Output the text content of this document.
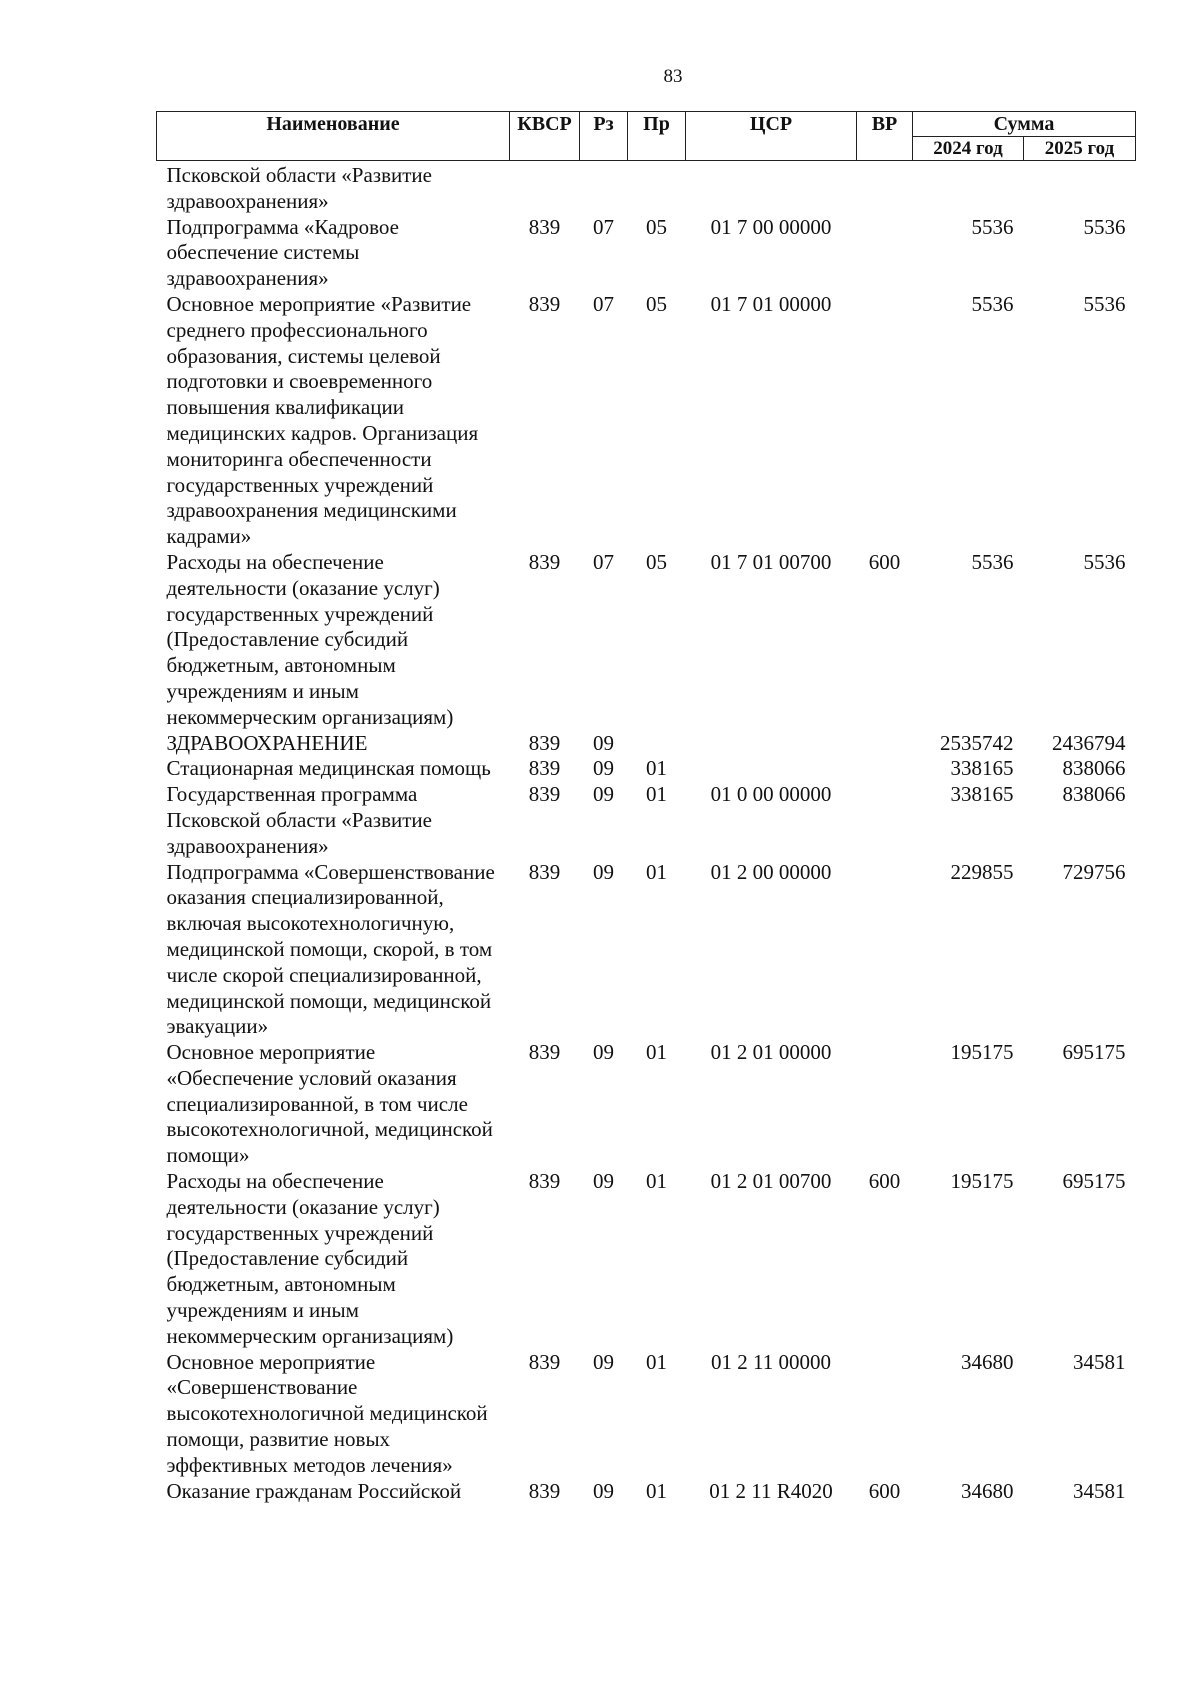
83
Наименование	КВСР	Рз	Пр	ЦСР	ВР	Сумма	
						2024 год	2025 год
Псковской области «Развитие здравоохранения»							
Подпрограмма «Кадровое обеспечение системы здравоохранения»	839	07	05	01 7 00 00000		5536	5536
Основное мероприятие «Развитие среднего профессионального образования, системы целевой подготовки и своевременного повышения квалификации медицинских кадров. Организация мониторинга обеспеченности государственных учреждений здравоохранения медицинскими кадрами»	839	07	05	01 7 01 00000		5536	5536
Расходы на обеспечение деятельности (оказание услуг) государственных учреждений (Предоставление субсидий бюджетным, автономным учреждениям и иным некоммерческим организациям)	839	07	05	01 7 01 00700	600	5536	5536
ЗДРАВООХРАНЕНИЕ	839	09				2535742	2436794
Стационарная медицинская помощь	839	09	01			338165	838066
Государственная программа Псковской области «Развитие здравоохранения»	839	09	01	01 0 00 00000		338165	838066
Подпрограмма «Совершенствование оказания специализированной, включая высокотехнологичную, медицинской помощи, скорой, в том числе скорой специализированной, медицинской помощи, медицинской эвакуации»	839	09	01	01 2 00 00000		229855	729756
Основное мероприятие «Обеспечение условий оказания специализированной, в том числе высокотехнологичной, медицинской помощи»	839	09	01	01 2 01 00000		195175	695175
Расходы на обеспечение деятельности (оказание услуг) государственных учреждений (Предоставление субсидий бюджетным, автономным учреждениям и иным некоммерческим организациям)	839	09	01	01 2 01 00700	600	195175	695175
Основное мероприятие «Совершенствование высокотехнологичной медицинской помощи, развитие новых эффективных методов лечения»	839	09	01	01 2 11 00000		34680	34581
Оказание гражданам Российской	839	09	01	01 2 11 R4020	600	34680	34581
